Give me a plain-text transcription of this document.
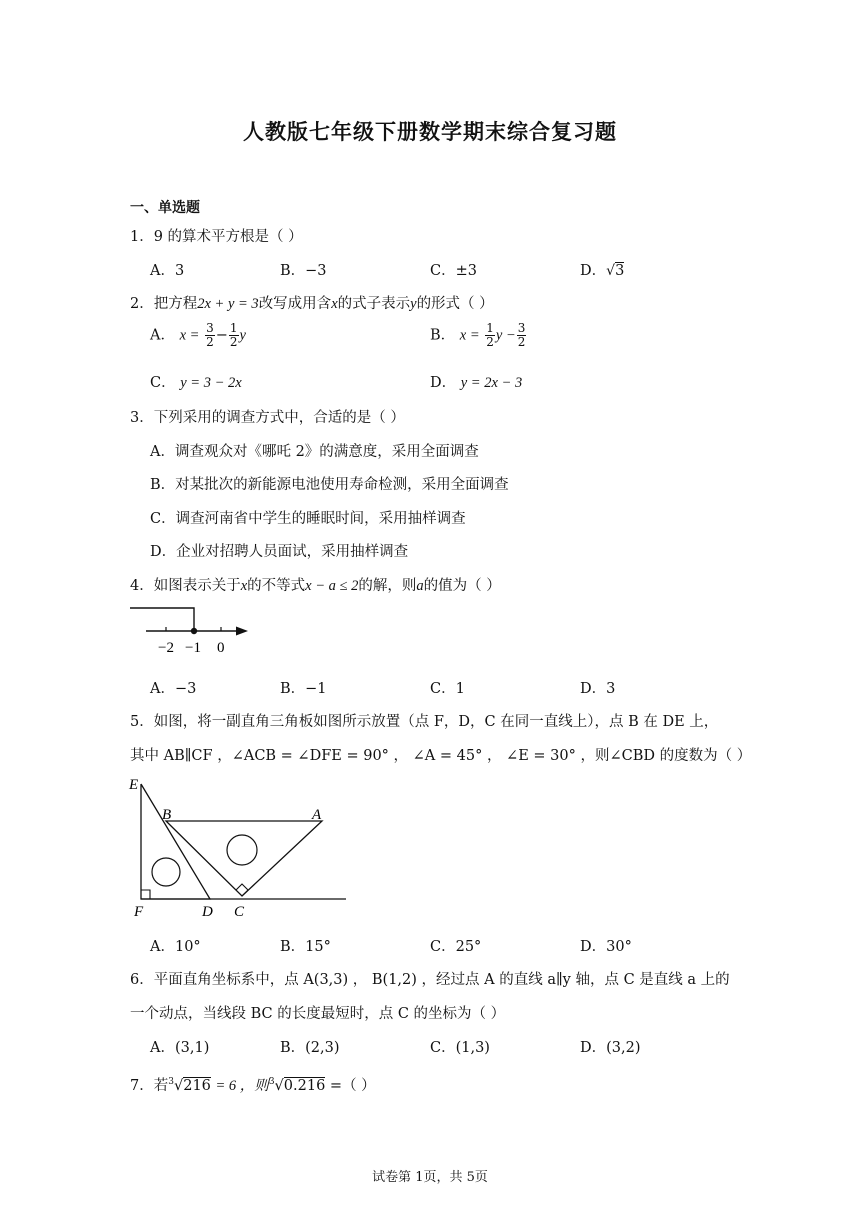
人教版七年级下册数学期末综合复习题
一、单选题
1．9 的算术平方根是（ ）
A．3	B．−3	C．±3	D．√3
2．把方程2x + y = 3改写成用含x的式子表示y的形式（ ）
A． $x = \frac{3}{2} - \frac{1}{2}$ y	B． $x = \frac{1}{2}$ $y - \frac{3}{2}$
C． y = 3 − 2x	D． y = 2x − 3
3．下列采用的调查方式中，合适的是（ ）
A．调查观众对《哪吒 2》的满意度，采用全面调查
B．对某批次的新能源电池使用寿命检测，采用全面调查
C．调查河南省中学生的睡眠时间，采用抽样调查
D．企业对招聘人员面试，采用抽样调查
4．如图表示关于x的不等式x − a ≤ 2的解，则a的值为（ ）
−2 −1 0
A．−3	B．−1	C．1	D．3
5．如图，将一副直角三角板如图所示放置（点 F，D，C 在同一直线上），点 B 在 DE 上，
其中 AB∥CF ，∠ACB = ∠DFE = 90° ， ∠A = 45° ， ∠E = 30° ，则∠CBD 的度数为（ ）
E
B	A
F	D C
A．10°	B．15°	C．25°	D．30°
6．平面直角坐标系中，点 A(3,3) ， B(1,2) ，经过点 A 的直线 a∥y 轴，点 C 是直线 a 上的
一个动点，当线段 BC 的长度最短时，点 C 的坐标为（ ）
A．(3,1)	B．(2,3)	C．(1,3)	D．(3,2)
7．若$^3$√216 = 6 ，则$^3$√0.216 =（ ）
试卷第 1页，共 5页
